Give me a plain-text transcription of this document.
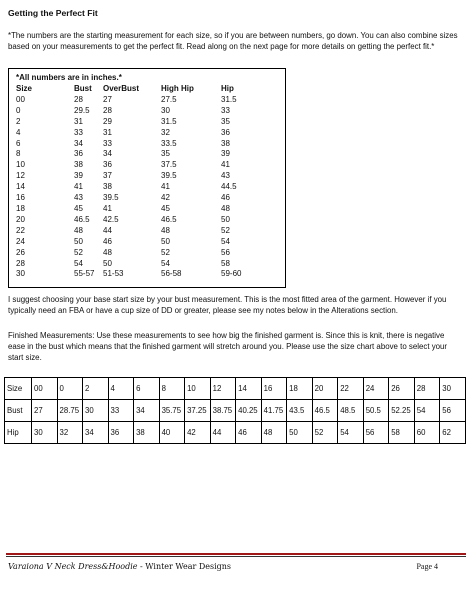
Getting the Perfect Fit

*The numbers are the starting measurement for each size, so if you are between numbers, go down. You can also combine sizes based on your measurements to get the perfect fit. Read along on the next page for more details on getting the perfect fit.*

*All numbers are in inches.*
Size	Bust	OverBust	High Hip	Hip
00	28	27	27.5	31.5
0	29.5	28	30	33
2	31	29	31.5	35
4	33	31	32	36
6	34	33	33.5	38
8	36	34	35	39
10	38	36	37.5	41
12	39	37	39.5	43
14	41	38	41	44.5
16	43	39.5	42	46
18	45	41	45	48
20	46.5	42.5	46.5	50
22	48	44	48	52
24	50	46	50	54
26	52	48	52	56
28	54	50	54	58
30	55-57	51-53	56-58	59-60

I suggest choosing your base start size by your bust measurement. This is the most fitted area of the garment. However if you typically need an FBA or have a cup size of DD or greater, please see my notes below in the Alterations section.

Finished Measurements: Use these measurements to see how big the finished garment is. Since this is knit, there is negative ease in the bust which means that the finished garment will stretch around you. Please use the size chart above to select your start size.

Size	00	0	2	4	6	8	10	12	14	16	18	20	22	24	26	28	30
Bust	27	28.75	30	33	34	35.75	37.25	38.75	40.25	41.75	43.5	46.5	48.5	50.5	52.25	54	56
Hip	30	32	34	36	38	40	42	44	46	48	50	52	54	56	58	60	62
Varaiona V Neck Dress&Hoodie - Winter Wear Designs	Page 4
